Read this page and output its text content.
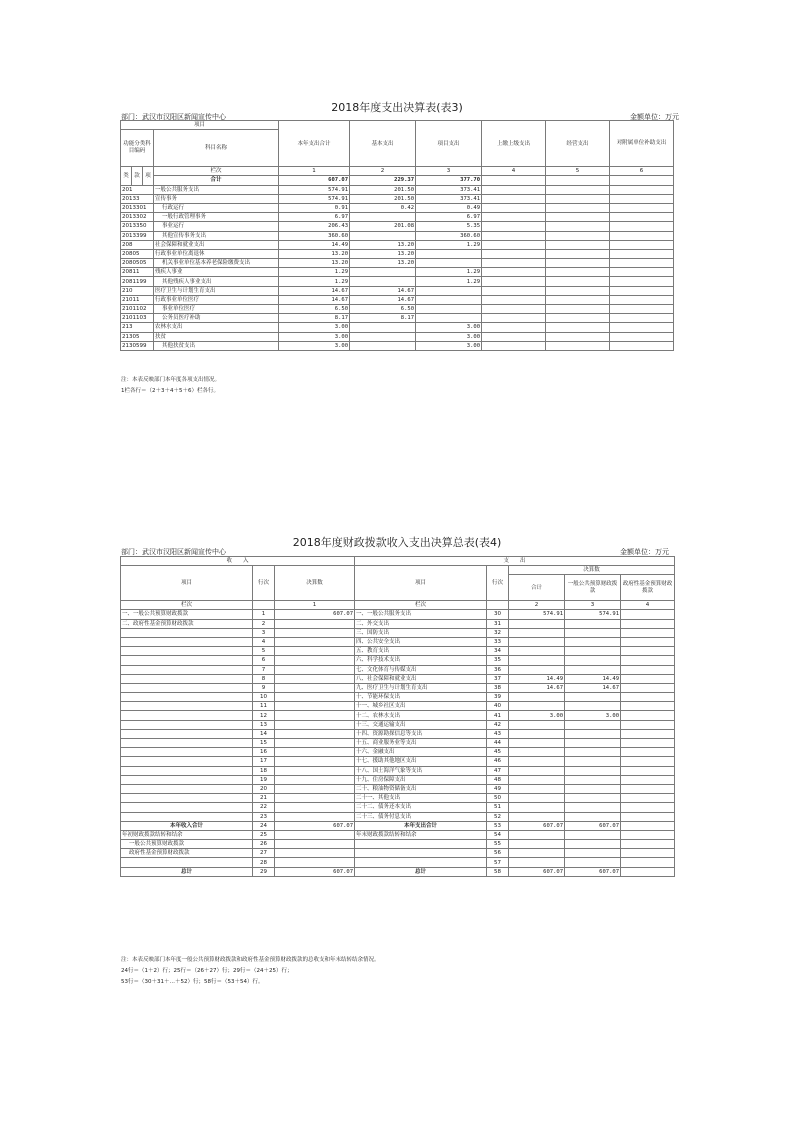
2018年度支出决算表(表3)
部门：武汉市汉阳区新闻宣传中心	金额单位：万元
项目				本年支出合计	基本支出	项目支出	上缴上级支出	经营支出	对附属单位补助支出
功能分类科目编码			科目名称						

类	款	项	栏次	1	2	3	4	5	6
			合计	607.07	229.37	377.70			
201			一般公共服务支出	574.91	201.50	373.41			
20133			宣传事务	574.91	201.50	373.41			
2013301			行政运行	0.91	0.42	0.49			
2013302			一般行政管理事务	6.97		6.97			
2013350			事业运行	206.43	201.08	5.35			
2013399			其他宣传事务支出	360.60		360.60			
208			社会保障和就业支出	14.49	13.20	1.29			
20805			行政事业单位离退休	13.20	13.20				
2080505			机关事业单位基本养老保险缴费支出	13.20	13.20				
20811			残疾人事业	1.29		1.29			
2081199			其他残疾人事业支出	1.29		1.29			
210			医疗卫生与计划生育支出	14.67	14.67				
21011			行政事业单位医疗	14.67	14.67				
2101102			事业单位医疗	6.50	6.50				
2101103			公务员医疗补助	8.17	8.17				
213			农林水支出	3.00		3.00			
21305			扶贫	3.00		3.00			
2130599			其他扶贫支出	3.00		3.00			
注：本表反映部门本年度各项支出情况。
1栏各行＝（2＋3＋4＋5＋6）栏各行。
2018年度财政拨款收入支出决算总表(表4)
部门：武汉市汉阳区新闻宣传中心	金额单位：万元
收　　入			支　　出				
项目	行次	决算数	项目	行次	决算数		
					合计	一般公共预算财政拨款	政府性基金预算财政拨款

栏次		1	栏次		2	3	4
一、一般公共预算财政拨款	1	607.07	一、一般公共服务支出	30	574.91	574.91	
二、政府性基金预算财政拨款	2		二、外交支出	31			
	3		三、国防支出	32			
	4		四、公共安全支出	33			
	5		五、教育支出	34			
	6		六、科学技术支出	35			
	7		七、文化体育与传媒支出	36			
	8		八、社会保障和就业支出	37	14.49	14.49	
	9		九、医疗卫生与计划生育支出	38	14.67	14.67	
	10		十、节能环保支出	39			
	11		十一、城乡社区支出	40			
	12		十二、农林水支出	41	3.00	3.00	
	13		十三、交通运输支出	42			
	14		十四、资源勘探信息等支出	43			
	15		十五、商业服务业等支出	44			
	16		十六、金融支出	45			
	17		十七、援助其他地区支出	46			
	18		十八、国土海洋气象等支出	47			
	19		十九、住房保障支出	48			
	20		二十、粮油物资储备支出	49			
	21		二十一、其他支出	50			
	22		二十二、债务还本支出	51			
	23		二十三、债务付息支出	52			
本年收入合计	24	607.07	本年支出合计	53	607.07	607.07	
年初财政拨款结转和结余	25		年末财政拨款结转和结余	54			
一般公共预算财政拨款	26			55			
政府性基金预算财政拨款	27			56			
	28			57			
总计	29	607.07	总计	58	607.07	607.07	
注：本表反映部门本年度一般公共预算财政拨款和政府性基金预算财政拨款的总收支和年末结转结余情况。
24行＝（1＋2）行；25行＝（26＋27）行；29行＝（24＋25）行；
53行＝（30＋31＋…＋52）行；58行＝（53＋54）行。
